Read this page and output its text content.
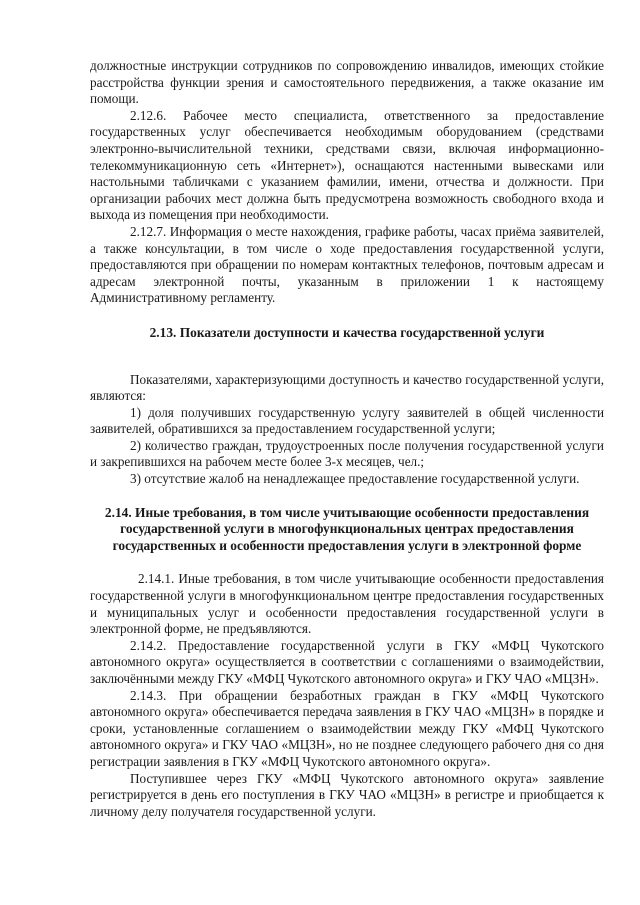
должностные инструкции сотрудников по сопровождению инвалидов, имеющих стойкие расстройства функции зрения и самостоятельного передвижения, а также оказание им помощи.

2.12.6. Рабочее место специалиста, ответственного за предоставление государственных услуг обеспечивается необходимым оборудованием (средствами электронно-вычислительной техники, средствами связи, включая информационно-телекоммуникационную сеть «Интернет»), оснащаются настенными вывесками или настольными табличками с указанием фамилии, имени, отчества и должности. При организации рабочих мест должна быть предусмотрена возможность свободного входа и выхода из помещения при необходимости.

2.12.7. Информация о месте нахождения, графике работы, часах приёма заявителей, а также консультации, в том числе о ходе предоставления государственной услуги, предоставляются при обращении по номерам контактных телефонов, почтовым адресам и адресам электронной почты, указанным в приложении 1 к настоящему Административному регламенту.

2.13. Показатели доступности и качества государственной услуги

Показателями, характеризующими доступность и качество государственной услуги, являются:

1) доля получивших государственную услугу заявителей в общей численности заявителей, обратившихся за предоставлением государственной услуги;

2) количество граждан, трудоустроенных после получения государственной услуги и закрепившихся на рабочем месте более 3-х месяцев, чел.;

3) отсутствие жалоб на ненадлежащее предоставление государственной услуги.

2.14. Иные требования, в том числе учитывающие особенности предоставления государственной услуги в многофункциональных центрах предоставления государственных и особенности предоставления услуги в электронной форме

2.14.1. Иные требования, в том числе учитывающие особенности предоставления государственной услуги в многофункциональном центре предоставления государственных и муниципальных услуг и особенности предоставления государственной услуги в электронной форме, не предъявляются.

2.14.2. Предоставление государственной услуги в ГКУ «МФЦ Чукотского автономного округа» осуществляется в соответствии с соглашениями о взаимодействии, заключёнными между ГКУ «МФЦ Чукотского автономного округа» и ГКУ ЧАО «МЦЗН».

2.14.3. При обращении безработных граждан в ГКУ «МФЦ Чукотского автономного округа» обеспечивается передача заявления в ГКУ ЧАО «МЦЗН» в порядке и сроки, установленные соглашением о взаимодействии между ГКУ «МФЦ Чукотского автономного округа» и ГКУ ЧАО «МЦЗН», но не позднее следующего рабочего дня со дня регистрации заявления в ГКУ «МФЦ Чукотского автономного округа».

Поступившее через ГКУ «МФЦ Чукотского автономного округа» заявление регистрируется в день его поступления в ГКУ ЧАО «МЦЗН» в регистре и приобщается к личному делу получателя государственной услуги.
